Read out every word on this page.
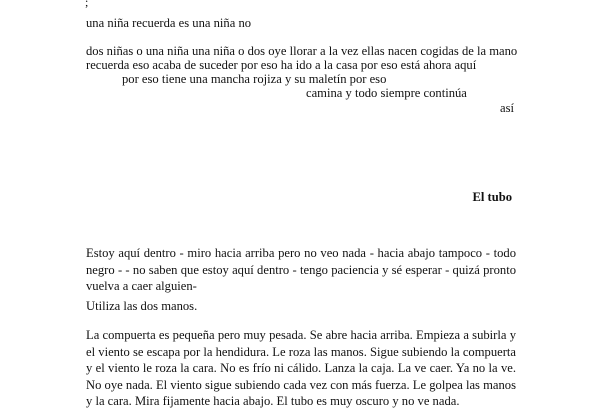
;
una niña recuerda es una niña no
dos niñas o una niña una niña o dos oye llorar a la vez ellas nacen cogidas de la mano
recuerda eso acaba de suceder por eso ha ido a la casa por eso está ahora aquí
por eso tiene una mancha rojiza y su maletín por eso
camina y todo siempre continúa
así
El tubo
Estoy aquí dentro - miro hacia arriba pero no veo nada - hacia abajo tampoco - todo negro - - no saben que estoy aquí dentro - tengo paciencia y sé esperar - quizá pronto vuelva a caer alguien-
Utiliza las dos manos.
La compuerta es pequeña pero muy pesada. Se abre hacia arriba. Empieza a subirla y el viento se escapa por la hendidura. Le roza las manos. Sigue subiendo la compuerta y el viento le roza la cara. No es frío ni cálido. Lanza la caja. La ve caer. Ya no la ve. No oye nada. El viento sigue subiendo cada vez con más fuerza. Le golpea las manos y la cara. Mira fijamente hacia abajo. El tubo es muy oscuro y no ve nada.
